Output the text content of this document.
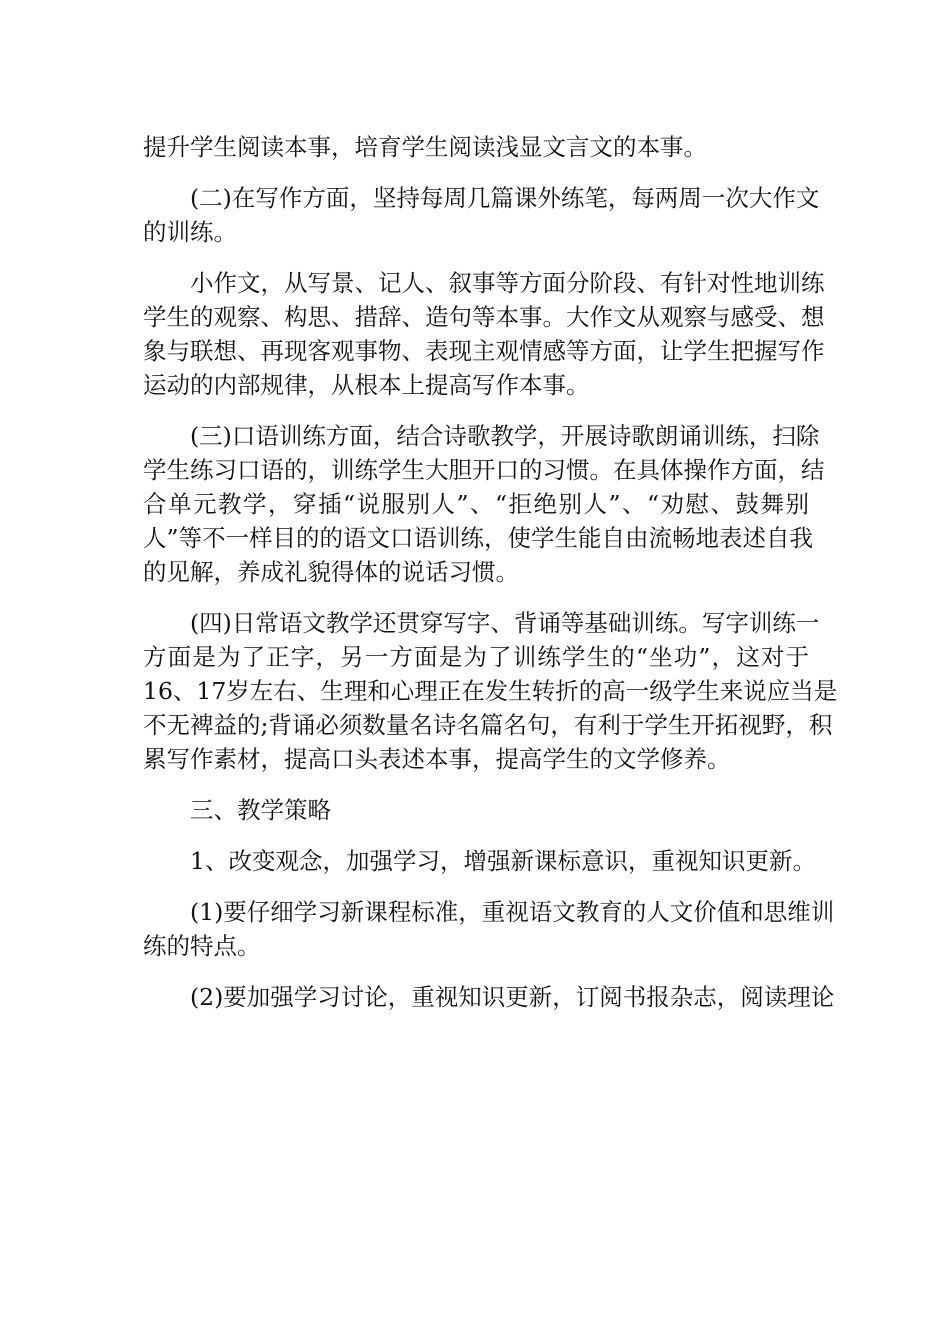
提升学生阅读本事，培育学生阅读浅显文言文的本事。
(二)在写作方面，坚持每周几篇课外练笔，每两周一次大作文
的训练。
小作文，从写景、记人、叙事等方面分阶段、有针对性地训练
学生的观察、构思、措辞、造句等本事。大作文从观察与感受、想
象与联想、再现客观事物、表现主观情感等方面，让学生把握写作
运动的内部规律，从根本上提高写作本事。
(三)口语训练方面，结合诗歌教学，开展诗歌朗诵训练，扫除
学生练习口语的，训练学生大胆开口的习惯。在具体操作方面，结
合单元教学，穿插“说服别人”、“拒绝别人”、“劝慰、鼓舞别
人”等不一样目的的语文口语训练，使学生能自由流畅地表述自我
的见解，养成礼貌得体的说话习惯。
(四)日常语文教学还贯穿写字、背诵等基础训练。写字训练一
方面是为了正字，另一方面是为了训练学生的“坐功”，这对于
16、17岁左右、生理和心理正在发生转折的高一级学生来说应当是
不无裨益的;背诵必须数量名诗名篇名句，有利于学生开拓视野，积
累写作素材，提高口头表述本事，提高学生的文学修养。
三、教学策略
1、改变观念，加强学习，增强新课标意识，重视知识更新。
(1)要仔细学习新课程标准，重视语文教育的人文价值和思维训
练的特点。
(2)要加强学习讨论，重视知识更新，订阅书报杂志，阅读理论
